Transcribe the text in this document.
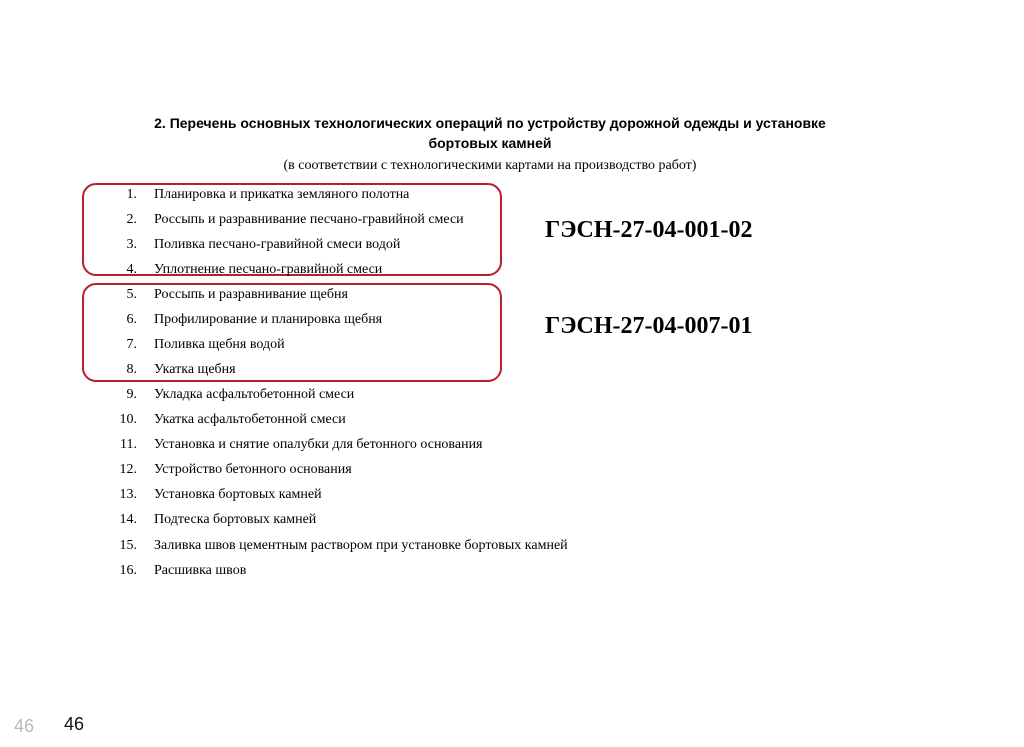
2. Перечень основных технологических операций по устройству дорожной одежды и установке
бортовых камней
(в соответствии с технологическими картами на производство работ)
1. Планировка и прикатка земляного полотна
2. Россыпь и разравнивание песчано-гравийной смеси
3. Поливка песчано-гравийной смеси водой
4. Уплотнение песчано-гравийной смеси
5. Россыпь и разравнивание щебня
6. Профилирование и планировка щебня
7. Поливка щебня водой
8. Укатка щебня
9. Укладка асфальтобетонной смеси
10. Укатка асфальтобетонной смеси
11. Установка и снятие опалубки для бетонного основания
12. Устройство бетонного основания
13. Установка бортовых камней
14. Подтеска бортовых камней
15. Заливка швов цементным раствором при установке бортовых камней
16. Расшивка швов
ГЭСН-27-04-001-02
ГЭСН-27-04-007-01
46 46
